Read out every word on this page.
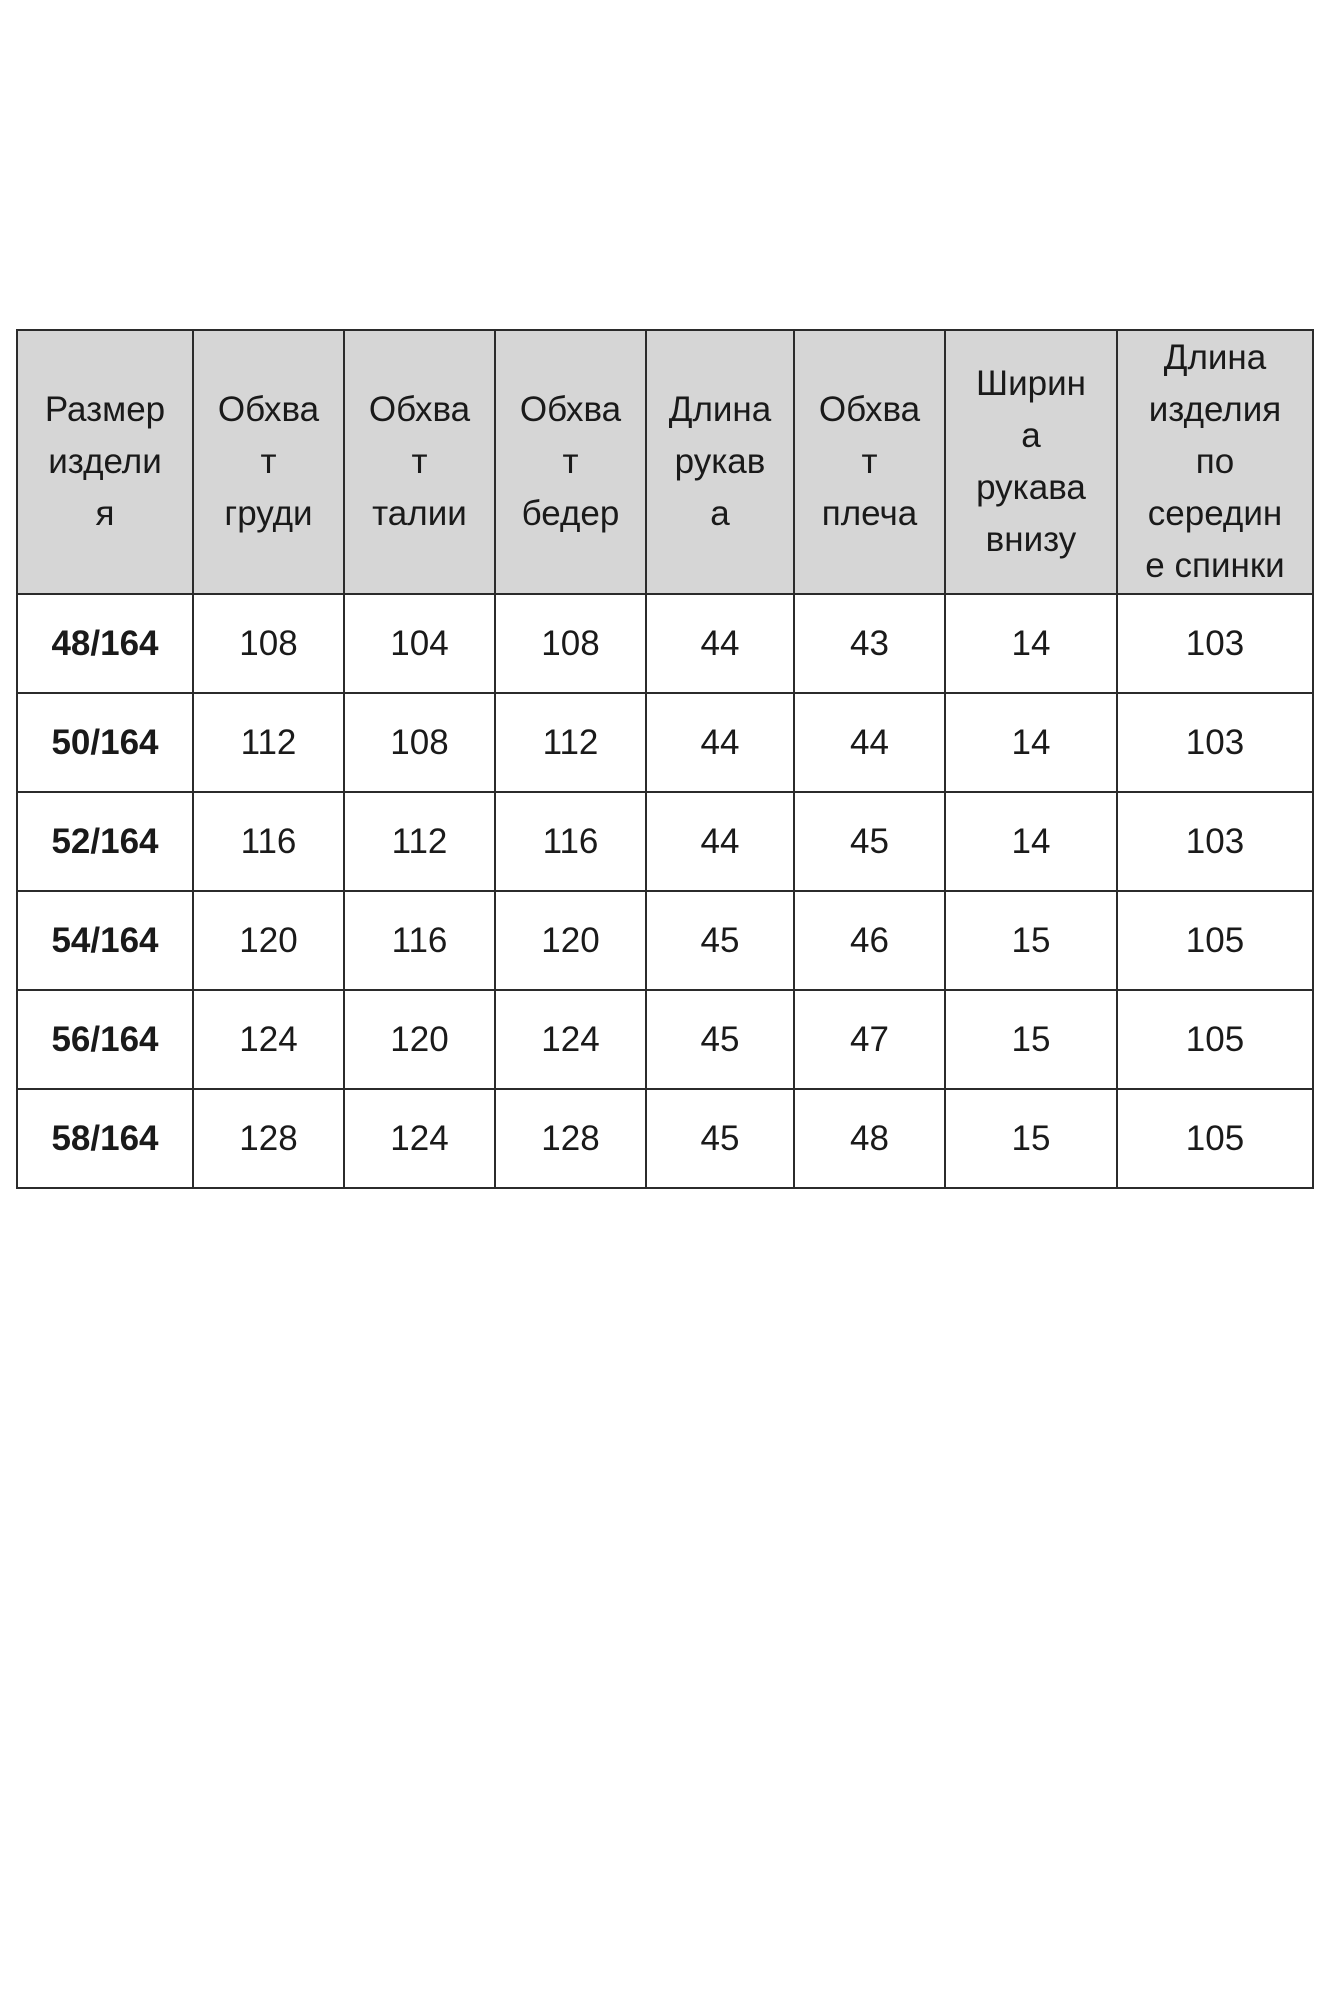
Размер
издели
я	Обхва
т
груди	Обхва
т
талии	Обхва
т
бедер	Длина
рукав
а	Обхва
т
плеча	Ширин
а
рукава
внизу	Длина
изделия
по
середин
е спинки
48/164	108	104	108	44	43	14	103
50/164	112	108	112	44	44	14	103
52/164	116	112	116	44	45	14	103
54/164	120	116	120	45	46	15	105
56/164	124	120	124	45	47	15	105
58/164	128	124	128	45	48	15	105
